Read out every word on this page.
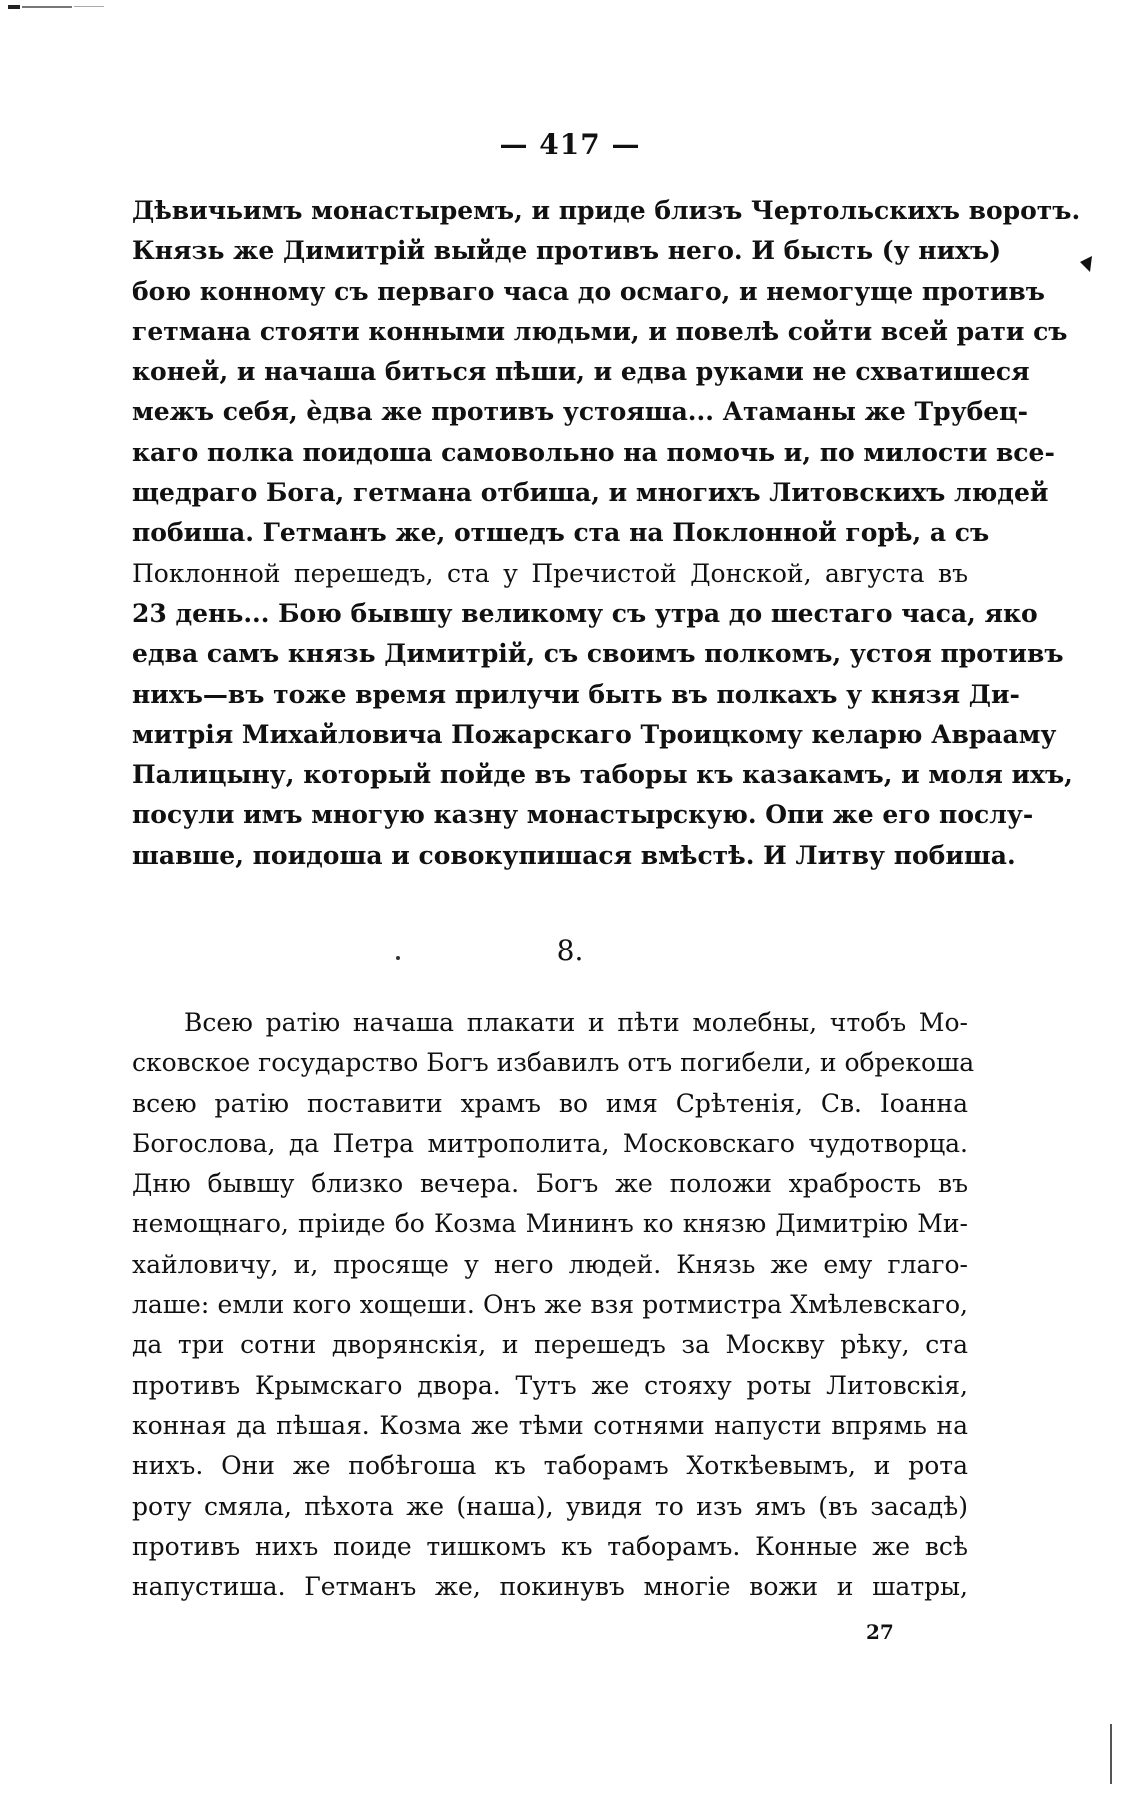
— 417 —
Дѣвичьимъ монастыремъ, и приде близъ Чертольскихъ воротъ.
Князь же Димитрій выйде противъ него. И бысть (у нихъ)
бою конному съ перваго часа до осмаго, и немогуще противъ
гетмана стояти конными людьми, и повелѣ сойти всей рати съ
коней, и начаша биться пѣши, и едва руками не схватишеся
межъ себя, ѐдва же противъ устояша... Атаманы же Трубец-
каго полка поидоша самовольно на помочь и, по милости все-
щедраго Бога, гетмана отбиша, и многихъ Литовскихъ людей
побиша. Гетманъ же, отшедъ ста на Поклонной горѣ, а съ
Поклонной перешедъ, ста у Пречистой Донской, августа въ
23 день... Бою бывшу великому съ утра до шестаго часа, яко
едва самъ князь Димитрій, съ своимъ полкомъ, устоя противъ
нихъ—въ тоже время прилучи быть въ полкахъ у князя Ди-
митрія Михайловича Пожарскаго Троицкому келарю Аврааму
Палицыну, который пойде въ таборы къ казакамъ, и моля ихъ,
посули имъ многую казну монастырскую. Опи же его послу-
шавше, поидоша и совокупишася вмѣстѣ. И Литву побиша.
8.
Всею ратію начаша плакати и пѣти молебны, чтобъ Мо-
сковское государство Богъ избавилъ отъ погибели, и обрекоша
всею ратію поставити храмъ во имя Срѣтенія, Св. Іоанна
Богослова, да Петра митрополита, Московскаго чудотворца.
Дню бывшу близко вечера. Богъ же положи храбрость въ
немощнаго, пріиде бо Козма Мининъ ко князю Димитрію Ми-
хайловичу, и, просяще у него людей. Князь же ему глаго-
лаше: емли кого хощеши. Онъ же взя ротмистра Хмѣлевскаго,
да три сотни дворянскія, и перешедъ за Москву рѣку, ста
противъ Крымскаго двора. Тутъ же стояху роты Литовскія,
конная да пѣшая. Козма же тѣми сотнями напусти впрямь на
нихъ. Они же побѣгоша къ таборамъ Хоткѣевымъ, и рота
роту смяла, пѣхота же (наша), увидя то изъ ямъ (въ засадѣ)
противъ нихъ поиде тишкомъ къ таборамъ. Конные же всѣ
напустиша. Гетманъ же, покинувъ многіе вожи и шатры,
27
